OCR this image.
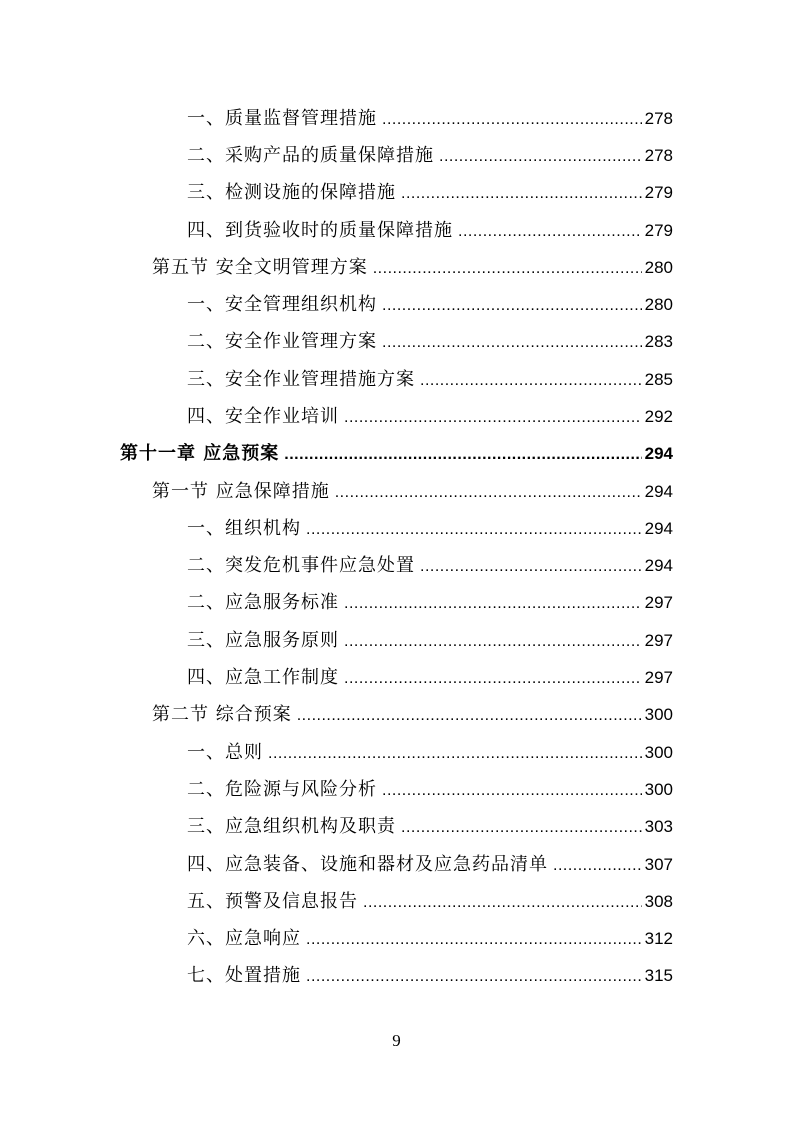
一、质量监督管理措施 .....	278
二、采购产品的质量保障措施 .....	278
三、检测设施的保障措施 .....	279
四、到货验收时的质量保障措施 .....	279
第五节 安全文明管理方案 .....	280
一、安全管理组织机构 .....	280
二、安全作业管理方案 .....	283
三、安全作业管理措施方案 .....	285
四、安全作业培训 .....	292
第十一章 应急预案 .....	294
第一节 应急保障措施 .....	294
一、组织机构 .....	294
二、突发危机事件应急处置 .....	294
二、应急服务标准 .....	297
三、应急服务原则 .....	297
四、应急工作制度 .....	297
第二节 综合预案 .....	300
一、总则 .....	300
二、危险源与风险分析 .....	300
三、应急组织机构及职责 .....	303
四、应急装备、设施和器材及应急药品清单 .....	307
五、预警及信息报告 .....	308
六、应急响应 .....	312
七、处置措施 .....	315
9
